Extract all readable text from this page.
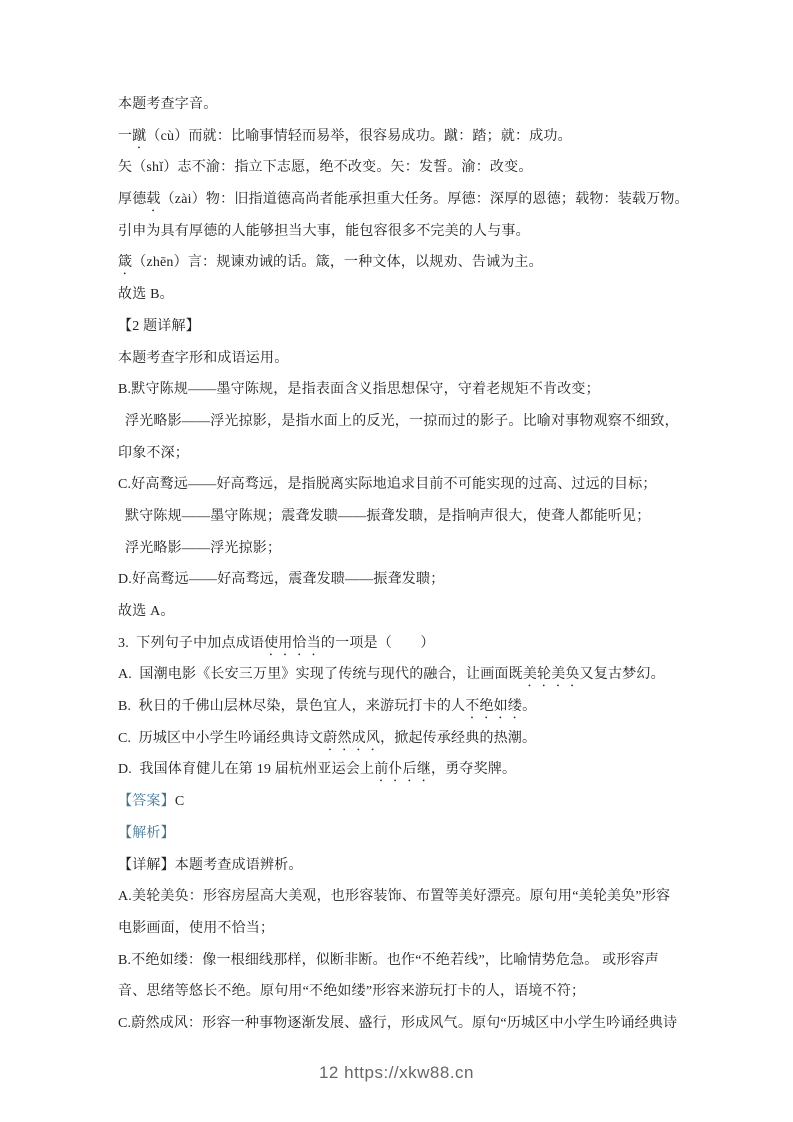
本题考查字音。
一蹴（cù）而就：比喻事情轻而易举，很容易成功。蹴：踏；就：成功。
矢（shǐ）志不渝：指立下志愿，绝不改变。矢：发誓。渝：改变。
厚德载（zài）物：旧指道德高尚者能承担重大任务。厚德：深厚的恩德；载物：装载万物。
引申为具有厚德的人能够担当大事，能包容很多不完美的人与事。
箴（zhēn）言：规谏劝诫的话。箴，一种文体，以规劝、告诫为主。
故选 B。
【2 题详解】
本题考查字形和成语运用。
B.默守陈规——墨守陈规，是指表面含义指思想保守，守着老规矩不肯改变；
浮光略影——浮光掠影，是指水面上的反光，一掠而过的影子。比喻对事物观察不细致，
印象不深；
C.好高鹜远——好高骛远，是指脱离实际地追求目前不可能实现的过高、过远的目标；
默守陈规——墨守陈规；震聋发聩——振聋发聩，是指响声很大，使聋人都能听见；
浮光略影——浮光掠影；
D.好高鹜远——好高骛远，震聋发聩——振聋发聩；
故选 A。
3.  下列句子中加点成语使用恰当的一项是（　　）
A.  国潮电影《长安三万里》实现了传统与现代的融合，让画面既美轮美奂又复古梦幻。
B.  秋日的千佛山层林尽染，景色宜人，来游玩打卡的人不绝如缕。
C.  历城区中小学生吟诵经典诗文蔚然成风，掀起传承经典的热潮。
D.  我国体育健儿在第 19 届杭州亚运会上前仆后继，勇夺奖牌。
【答案】C
【解析】
【详解】本题考查成语辨析。
A.美轮美奂：形容房屋高大美观，也形容装饰、布置等美好漂亮。原句用“美轮美奂”形容
电影画面，使用不恰当；
B.不绝如缕：像一根细线那样，似断非断。也作“不绝若线”，比喻情势危急。 或形容声
音、思绪等悠长不绝。原句用“不绝如缕”形容来游玩打卡的人，语境不符；
C.蔚然成风：形容一种事物逐渐发展、盛行，形成风气。原句“历城区中小学生吟诵经典诗
12 https://xkw88.cn
